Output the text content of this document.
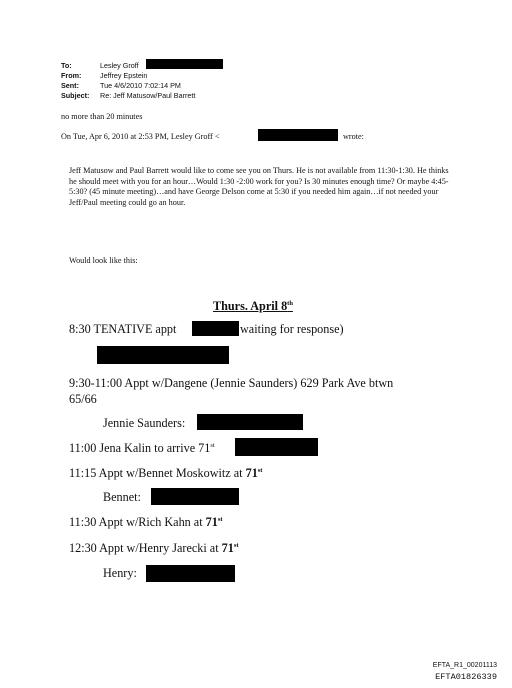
To:	Lesley Groff
From:	Jeffrey Epstein
Sent:	Tue 4/6/2010 7:02:14 PM
Subject: Re: Jeff Matusow/Paul Barrett
no more than 20 minutes
On Tue, Apr 6, 2010 at 2:53 PM, Lesley Groff <	wrote:
Jeff Matusow and Paul Barrett would like to come see you on Thurs. He is not available from 11:30-1:30. He thinks he should meet with you for an hour…Would 1:30 -2:00 work for you? Is 30 minutes enough time? Or maybe 4:45-5:30? (45 minute meeting)…and have George Delson come at 5:30 if you needed him again…if not needed your Jeff/Paul meeting could go an hour.
Would look like this:
Thurs. April 8th
8:30 TENATIVE appt	waiting for response)
9:30-11:00 Appt w/Dangene (Jennie Saunders) 629 Park Ave btwn
65/66
Jennie Saunders:
11:00 Jena Kalin to arrive 71st
11:15 Appt w/Bennet Moskowitz at 71st
Bennet:
11:30 Appt w/Rich Kahn at 71st
12:30 Appt w/Henry Jarecki at 71st
Henry:
EFTA_R1_00201113
EFTA01826339
